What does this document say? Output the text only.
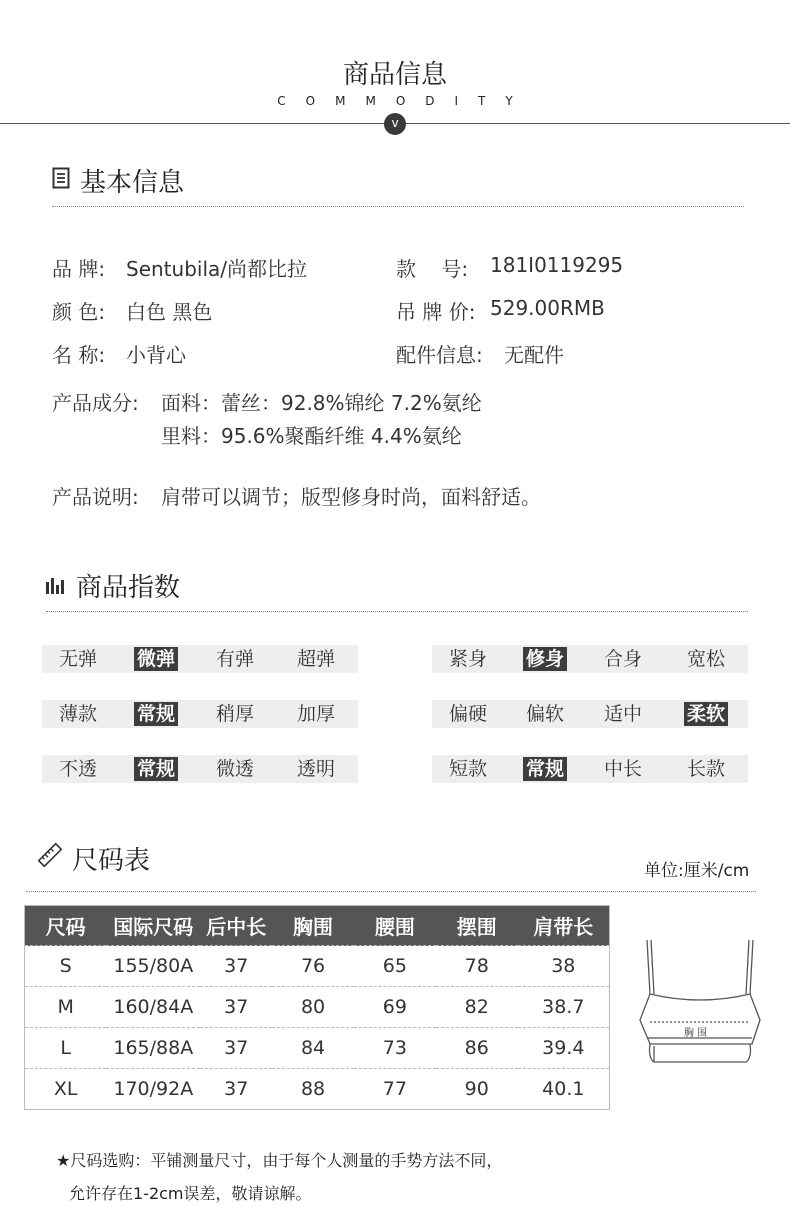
商品信息
COMMODITY
v
基本信息
品 牌: Sentubila/尚都比拉	款    号: 181I0119295
颜 色: 白色 黑色	吊 牌 价: 529.00RMB
名 称: 小背心	配件信息: 无配件
产品成分: 面料：蕾丝：92.8%锦纶 7.2%氨纶
里料：95.6%聚酯纤维 4.4%氨纶
产品说明: 肩带可以调节；版型修身时尚，面料舒适。
商品指数
无弹 微弹 有弹 超弹	紧身 修身 合身 宽松
薄款 常规 稍厚 加厚	偏硬 偏软 适中 柔软
不透 常规 微透 透明	短款 常规 中长 长款
尺码表	单位:厘米/cm
尺码	国际尺码	后中长	胸围	腰围	摆围	肩带长
S	155/80A	37	76	65	78	38
M	160/84A	37	80	69	82	38.7
L	165/88A	37	84	73	86	39.4
XL	170/92A	37	88	77	90	40.1
胸 围
★尺码选购：平铺测量尺寸，由于每个人测量的手势方法不同，
允许存在1-2cm误差，敬请谅解。
